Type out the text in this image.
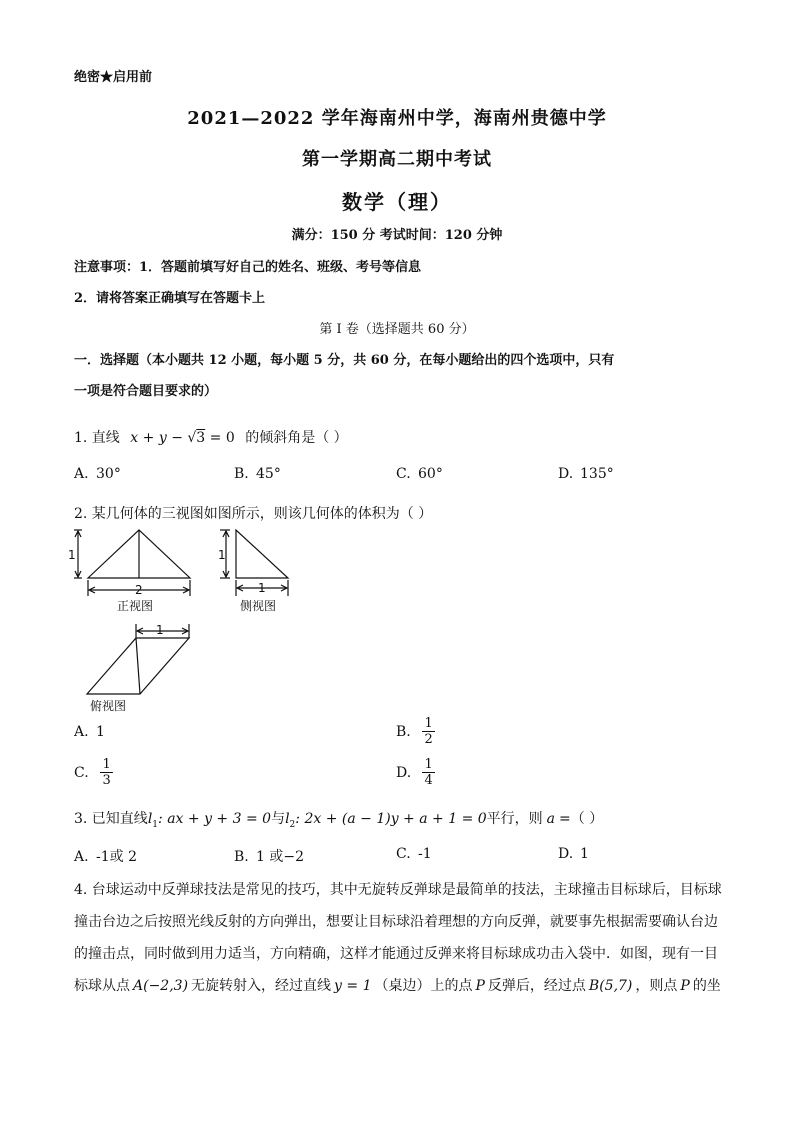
绝密★启用前
2021—2022 学年海南州中学，海南州贵德中学
第一学期高二期中考试
数学（理）
满分：150 分 考试时间：120 分钟
注意事项：1．答题前填写好自己的姓名、班级、考号等信息
2．请将答案正确填写在答题卡上
第 I 卷（选择题共 60 分）
一．选择题（本小题共 12 小题，每小题 5 分，共 60 分，在每小题给出的四个选项中，只有
一项是符合题目要求的）
1. 直线 x + y − √3 = 0 的倾斜角是（ ）
A. 30°	B. 45°	C. 60°	D. 135°
2. 某几何体的三视图如图所示，则该几何体的体积为（ ）
1
2
正视图
1
1
侧视图
1
俯视图
A. 1	B. $\frac{1}{2}$
C. $\frac{1}{3}$	D. $\frac{1}{4}$
3. 已知直线$l_1$: ax + y + 3 = 0与$l_2$: 2x + (a − 1)y + a + 1 = 0平行，则 a =（ ）
A. -1或 2	B. 1 或−2	C. -1	D. 1
4. 台球运动中反弹球技法是常见的技巧，其中无旋转反弹球是最简单的技法，主球撞击目标球后，目标球
撞击台边之后按照光线反射的方向弹出，想要让目标球沿着理想的方向反弹，就要事先根据需要确认台边
的撞击点，同时做到用力适当，方向精确，这样才能通过反弹来将目标球成功击入袋中．如图，现有一目
标球从点 A(−2,3) 无旋转射入，经过直线 y = 1 （桌边）上的点 P 反弹后，经过点 B(5,7) ，则点 P 的坐
